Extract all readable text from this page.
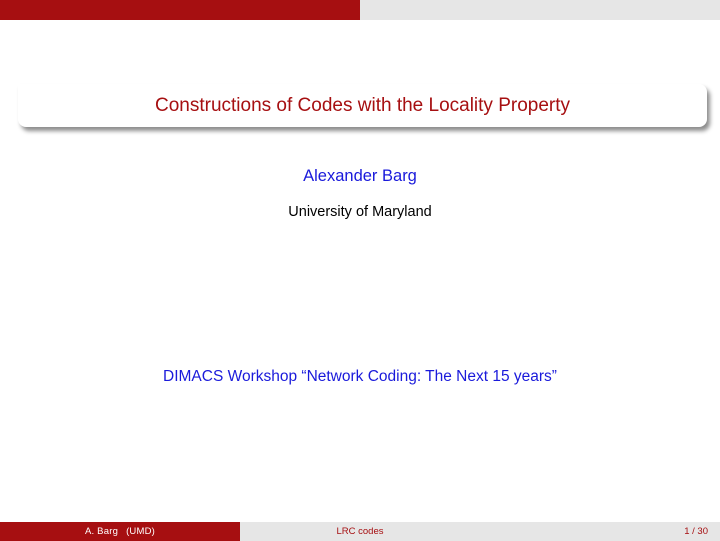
Constructions of Codes with the Locality Property
Alexander Barg
University of Maryland
DIMACS Workshop “Network Coding: The Next 15 years”
A. Barg (UMD)	LRC codes	1 / 30
